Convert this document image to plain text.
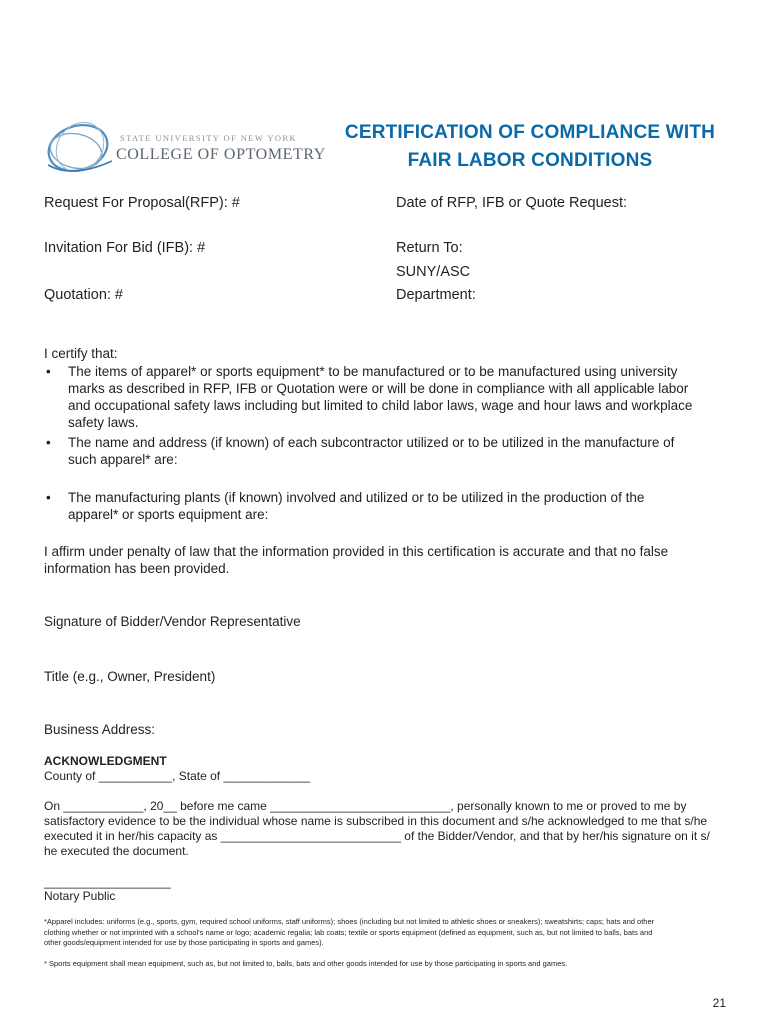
STATE UNIVERSITY OF NEW YORK
COLLEGE OF OPTOMETRY
CERTIFICATION OF COMPLIANCE WITH
FAIR LABOR CONDITIONS
Request For Proposal(RFP): #	Date of RFP, IFB or Quote Request:
Invitation For Bid (IFB): #	Return To:
SUNY/ASC
Quotation: #	Department:
I certify that:
• The items of apparel* or sports equipment* to be manufactured or to be manufactured using university
marks as described in RFP, IFB or Quotation were or will be done in compliance with all applicable labor
and occupational safety laws including but limited to child labor laws, wage and hour laws and workplace
safety laws.
• The name and address (if known) of each subcontractor utilized or to be utilized in the manufacture of
such apparel* are:
• The manufacturing plants (if known) involved and utilized or to be utilized in the production of the
apparel* or sports equipment are:
I affirm under penalty of law that the information provided in this certification is accurate and that no false
information has been provided.
Signature of Bidder/Vendor Representative
Title (e.g., Owner, President)
Business Address:
ACKNOWLEDGMENT
County of ___________, State of _____________
On ____________, 20__ before me came ___________________________, personally known to me or proved to me by
satisfactory evidence to be the individual whose name is subscribed in this document and s/he acknowledged to me that s/he
executed it in her/his capacity as ___________________________ of the Bidder/Vendor, and that by her/his signature on it s/
he executed the document.
___________________
Notary Public
*Apparel includes: uniforms (e.g., sports, gym, required school uniforms, staff uniforms); shoes (including but not limited to athletic shoes or sneakers); sweatshirts; caps; hats and other
clothing whether or not imprinted with a school's name or logo; academic regalia; lab coats; textile or sports equipment (defined as equipment, such as, but not limited to balls, bats and
other goods/equipment intended for use by those participating in sports and games).
* Sports equipment shall mean equipment, such as, but not limited to, balls, bats and other goods intended for use by those participating in sports and games.
21
